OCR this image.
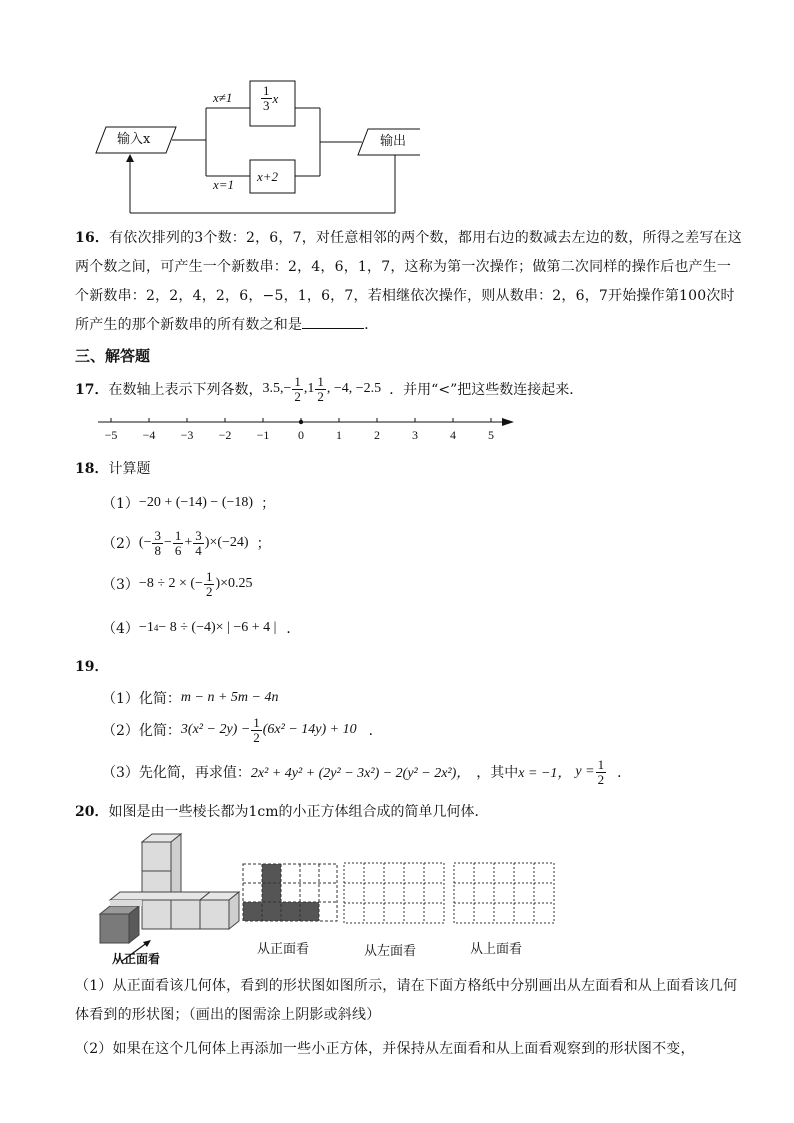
输入x	输出
x≠1
x=1
$\frac{1}{3}$ x
x+2
16．有依次排列的3个数：2，6，7，对任意相邻的两个数，都用右边的数减去左边的数，所得之差写在这两个数之间，可产生一个新数串：2，4，6，1，7，这称为第一次操作；做第二次同样的操作后也产生一个新数串：2，2，4，2，6，−5，1，6，7，若相继依次操作，则从数串：2，6，7开始操作第100次时所产生的那个新数串的所有数之和是	．
三、解答题
17． 在数轴上表示下列各数， 3.5, − $\frac{1}{2}$ , $1 \frac{1}{2}$ , −4, −2.5 ．并用“<”把这些数连接起来．
−5	−4	−3	−2	−1	0	1	2	3	4	5
18． 计算题
（1） −20 + (−14) − (−18) ；
（2） (− $\frac{3}{8} - \frac{1}{6} + \frac{3}{4} )\times(-24)$ ；
（3） −8 ÷ 2 × (− $\frac{1}{2} )\times 0.25$
（4） −1 4 − 8 ÷ (−4)× | −6 + 4 | ．
19．
（1）化简： m − n + 5m − 4n
（2）化简： $3(x^2 - 2y) - \frac{1}{2} (6x^2 - 14y) + 10$ ．
（3）先化简，再求值： 2x² + 4y² + (2y² − 3x²) − 2(y² − 2x²)， ，其中 x = −1， $y = \frac{1}{2}$ ．
20． 如图是由一些棱长都为1cm的小正方体组合成的简单几何体．
从正面看
从正面看	从左面看	从上面看
（1）从正面看该几何体，看到的形状图如图所示，请在下面方格纸中分别画出从左面看和从上面看该几何体看到的形状图；（画出的图需涂上阴影或斜线）
（2）如果在这个几何体上再添加一些小正方体，并保持从左面看和从上面看观察到的形状图不变，
